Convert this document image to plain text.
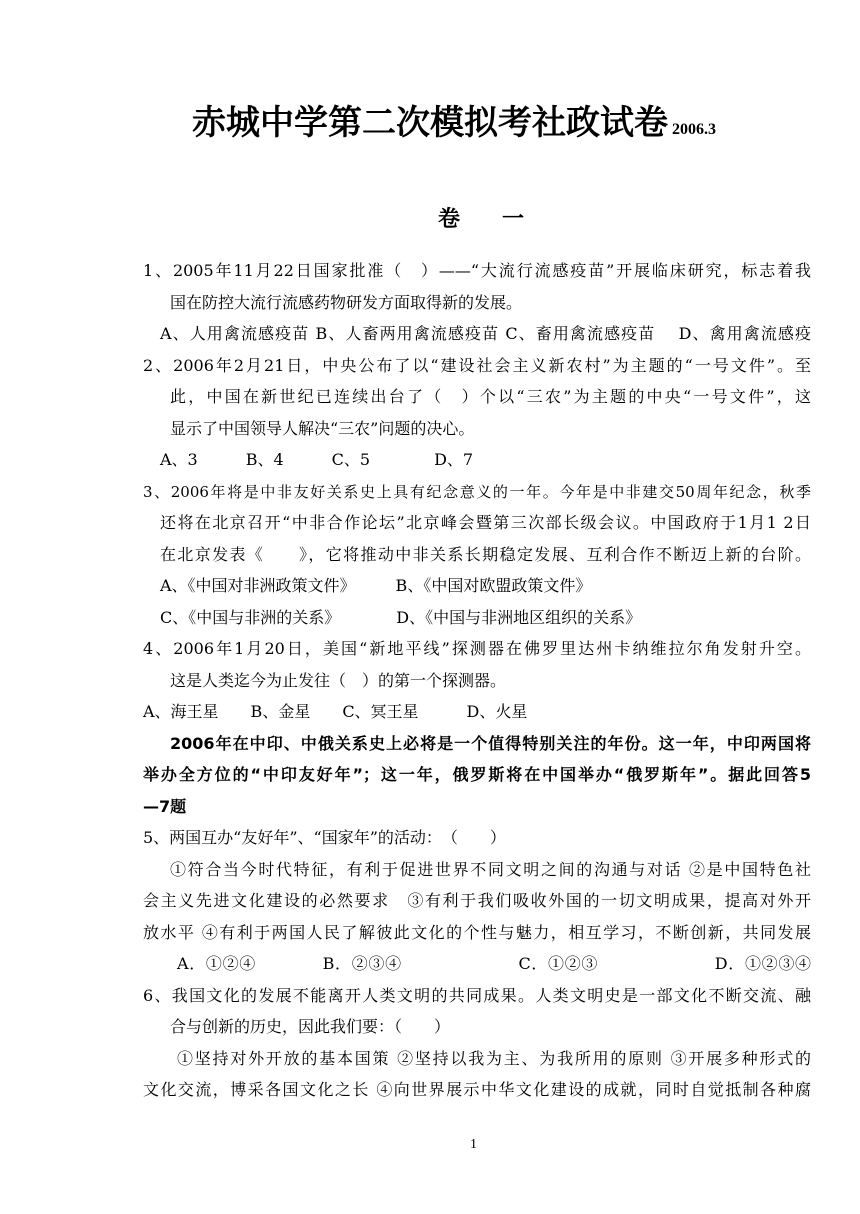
赤城中学第二次模拟考社政试卷 2006.3
卷一
1、2005年11月22日国家批准（　）——“大流行流感疫苗”开展临床研究，标志着我
国在防控大流行流感药物研发方面取得新的发展。
A、人用禽流感疫苗 B、人畜两用禽流感疫苗 C、畜用禽流感疫苗　 D、禽用禽流感疫
2、2006年2月21日，中央公布了以“建设社会主义新农村”为主题的“一号文件”。至
此，中国在新世纪已连续出台了（　）个以“三农”为主题的中央“一号文件”，这
显示了中国领导人解决“三农”问题的决心。
A、3　　　B、4　　　C、5　　　　D、7
3、2006年将是中非友好关系史上具有纪念意义的一年。今年是中非建交50周年纪念，秋季
还将在北京召开“中非合作论坛”北京峰会暨第三次部长级会议。中国政府于1月1 2日
在北京发表《　　》，它将推动中非关系长期稳定发展、互利合作不断迈上新的台阶。
A、《中国对非洲政策文件》　　　B、《中国对欧盟政策文件》
C、《中国与非洲的关系》　　　　D、《中国与非洲地区组织的关系》
4、2006年1月20日，美国“新地平线”探测器在佛罗里达州卡纳维拉尔角发射升空。
这是人类迄今为止发往（　）的第一个探测器。
A、海王星　　B、金星　　C、冥王星　　　D、火星
2006年在中印、中俄关系史上必将是一个值得特别关注的年份。这一年，中印两国将
举办全方位的“中印友好年”；这一年，俄罗斯将在中国举办“俄罗斯年”。据此回答5
—7题
5、两国互办“友好年”、“国家年”的活动：　（　　）
①符合当今时代特征，有利于促进世界不同文明之间的沟通与对话 ②是中国特色社
会主义先进文化建设的必然要求　③有利于我们吸收外国的一切文明成果，提高对外开
放水平 ④有利于两国人民了解彼此文化的个性与魅力，相互学习，不断创新，共同发展
A．①②④　　　　B．②③④　　　　　　　C．①②③　　　　　　　D．①②③④
6、我国文化的发展不能离开人类文明的共同成果。人类文明史是一部文化不断交流、融
合与创新的历史，因此我们要：（　　）
①坚持对外开放的基本国策 ②坚持以我为主、为我所用的原则 ③开展多种形式的
文化交流，博采各国文化之长 ④向世界展示中华文化建设的成就，同时自觉抵制各种腐
1
